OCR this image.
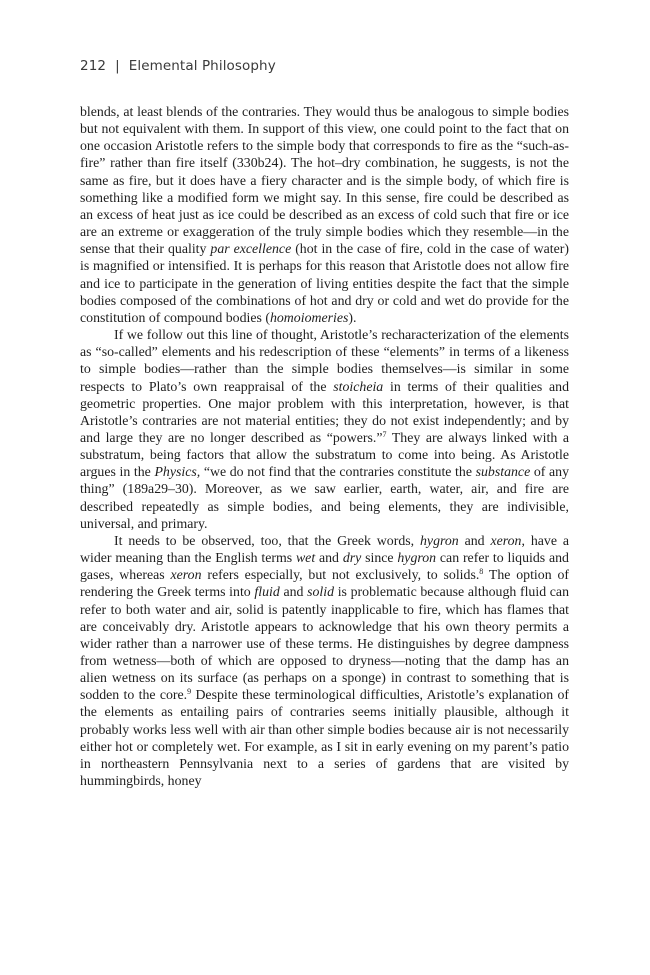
212 | Elemental Philosophy

blends, at least blends of the contraries. They would thus be analogous to simple bodies but not equivalent with them. In support of this view, one could point to the fact that on one occasion Aristotle refers to the simple body that corresponds to fire as the “such-as-fire” rather than fire itself (330b24). The hot–dry combination, he suggests, is not the same as fire, but it does have a fiery character and is the simple body, of which fire is something like a modified form we might say. In this sense, fire could be described as an excess of heat just as ice could be described as an excess of cold such that fire or ice are an extreme or exaggeration of the truly simple bodies which they resemble—in the sense that their quality par excellence (hot in the case of fire, cold in the case of water) is magnified or intensified. It is perhaps for this reason that Aristotle does not allow fire and ice to participate in the generation of living entities despite the fact that the simple bodies composed of the combinations of hot and dry or cold and wet do provide for the constitution of compound bodies (homoiomeries).

If we follow out this line of thought, Aristotle’s recharacterization of the elements as “so-called” elements and his redescription of these “elements” in terms of a likeness to simple bodies—rather than the simple bodies themselves—is similar in some respects to Plato’s own reappraisal of the stoicheia in terms of their qualities and geometric properties. One major problem with this interpretation, however, is that Aristotle’s contraries are not material entities; they do not exist independently; and by and large they are no longer described as “powers.”$^7$ They are always linked with a substratum, being factors that allow the substratum to come into being. As Aristotle argues in the Physics, “we do not find that the contraries constitute the substance of any thing” (189a29–30). Moreover, as we saw earlier, earth, water, air, and fire are described repeatedly as simple bodies, and being elements, they are indivisible, universal, and primary.

It needs to be observed, too, that the Greek words, hygron and xeron, have a wider meaning than the English terms wet and dry since hygron can refer to liquids and gases, whereas xeron refers especially, but not exclusively, to solids.$^8$ The option of rendering the Greek terms into fluid and solid is problematic because although fluid can refer to both water and air, solid is patently inapplicable to fire, which has flames that are conceivably dry. Aristotle appears to acknowledge that his own theory permits a wider rather than a narrower use of these terms. He distinguishes by degree dampness from wetness—both of which are opposed to dryness—noting that the damp has an alien wetness on its surface (as perhaps on a sponge) in contrast to something that is sodden to the core.$^9$ Despite these terminological difficulties, Aristotle’s explanation of the elements as entailing pairs of contraries seems initially plausible, although it probably works less well with air than other simple bodies because air is not necessarily either hot or completely wet. For example, as I sit in early evening on my parent’s patio in northeastern Pennsylvania next to a series of gardens that are visited by hummingbirds, honey
